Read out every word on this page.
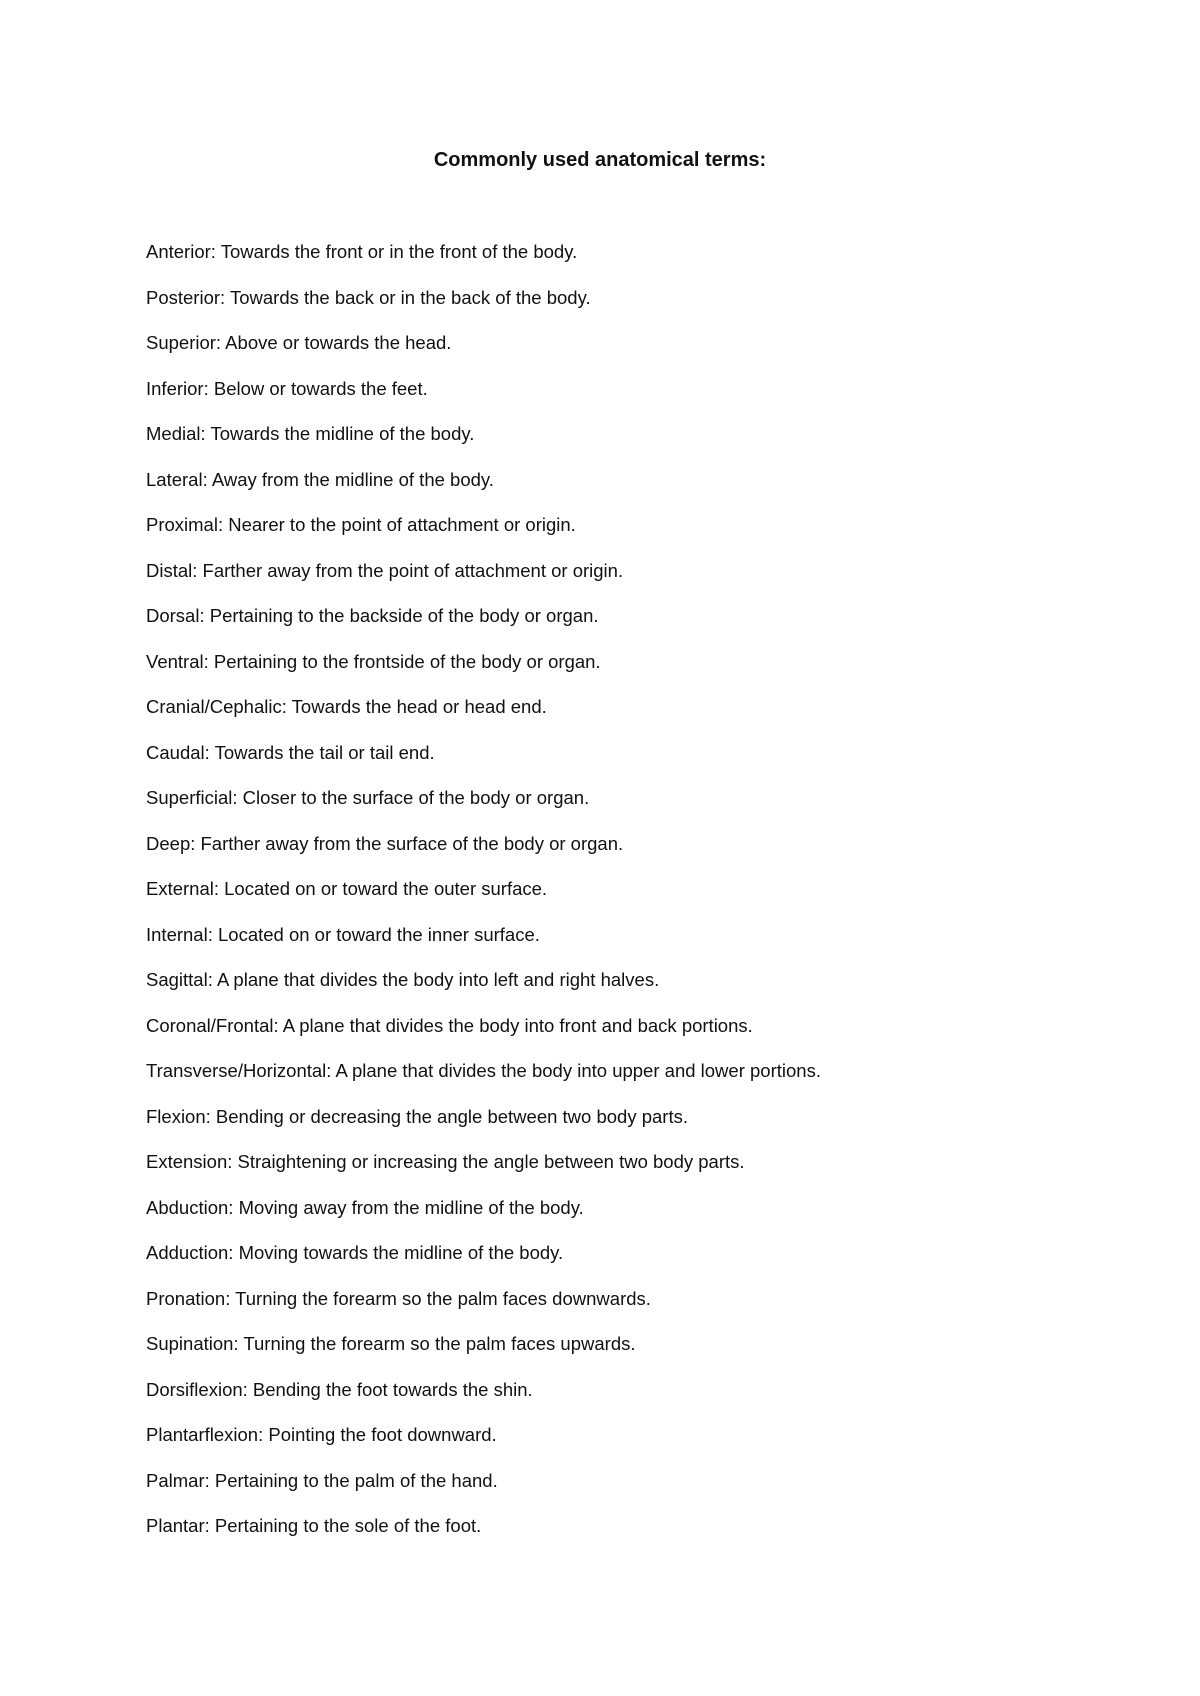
Commonly used anatomical terms:
Anterior: Towards the front or in the front of the body.
Posterior: Towards the back or in the back of the body.
Superior: Above or towards the head.
Inferior: Below or towards the feet.
Medial: Towards the midline of the body.
Lateral: Away from the midline of the body.
Proximal: Nearer to the point of attachment or origin.
Distal: Farther away from the point of attachment or origin.
Dorsal: Pertaining to the backside of the body or organ.
Ventral: Pertaining to the frontside of the body or organ.
Cranial/Cephalic: Towards the head or head end.
Caudal: Towards the tail or tail end.
Superficial: Closer to the surface of the body or organ.
Deep: Farther away from the surface of the body or organ.
External: Located on or toward the outer surface.
Internal: Located on or toward the inner surface.
Sagittal: A plane that divides the body into left and right halves.
Coronal/Frontal: A plane that divides the body into front and back portions.
Transverse/Horizontal: A plane that divides the body into upper and lower portions.
Flexion: Bending or decreasing the angle between two body parts.
Extension: Straightening or increasing the angle between two body parts.
Abduction: Moving away from the midline of the body.
Adduction: Moving towards the midline of the body.
Pronation: Turning the forearm so the palm faces downwards.
Supination: Turning the forearm so the palm faces upwards.
Dorsiflexion: Bending the foot towards the shin.
Plantarflexion: Pointing the foot downward.
Palmar: Pertaining to the palm of the hand.
Plantar: Pertaining to the sole of the foot.
